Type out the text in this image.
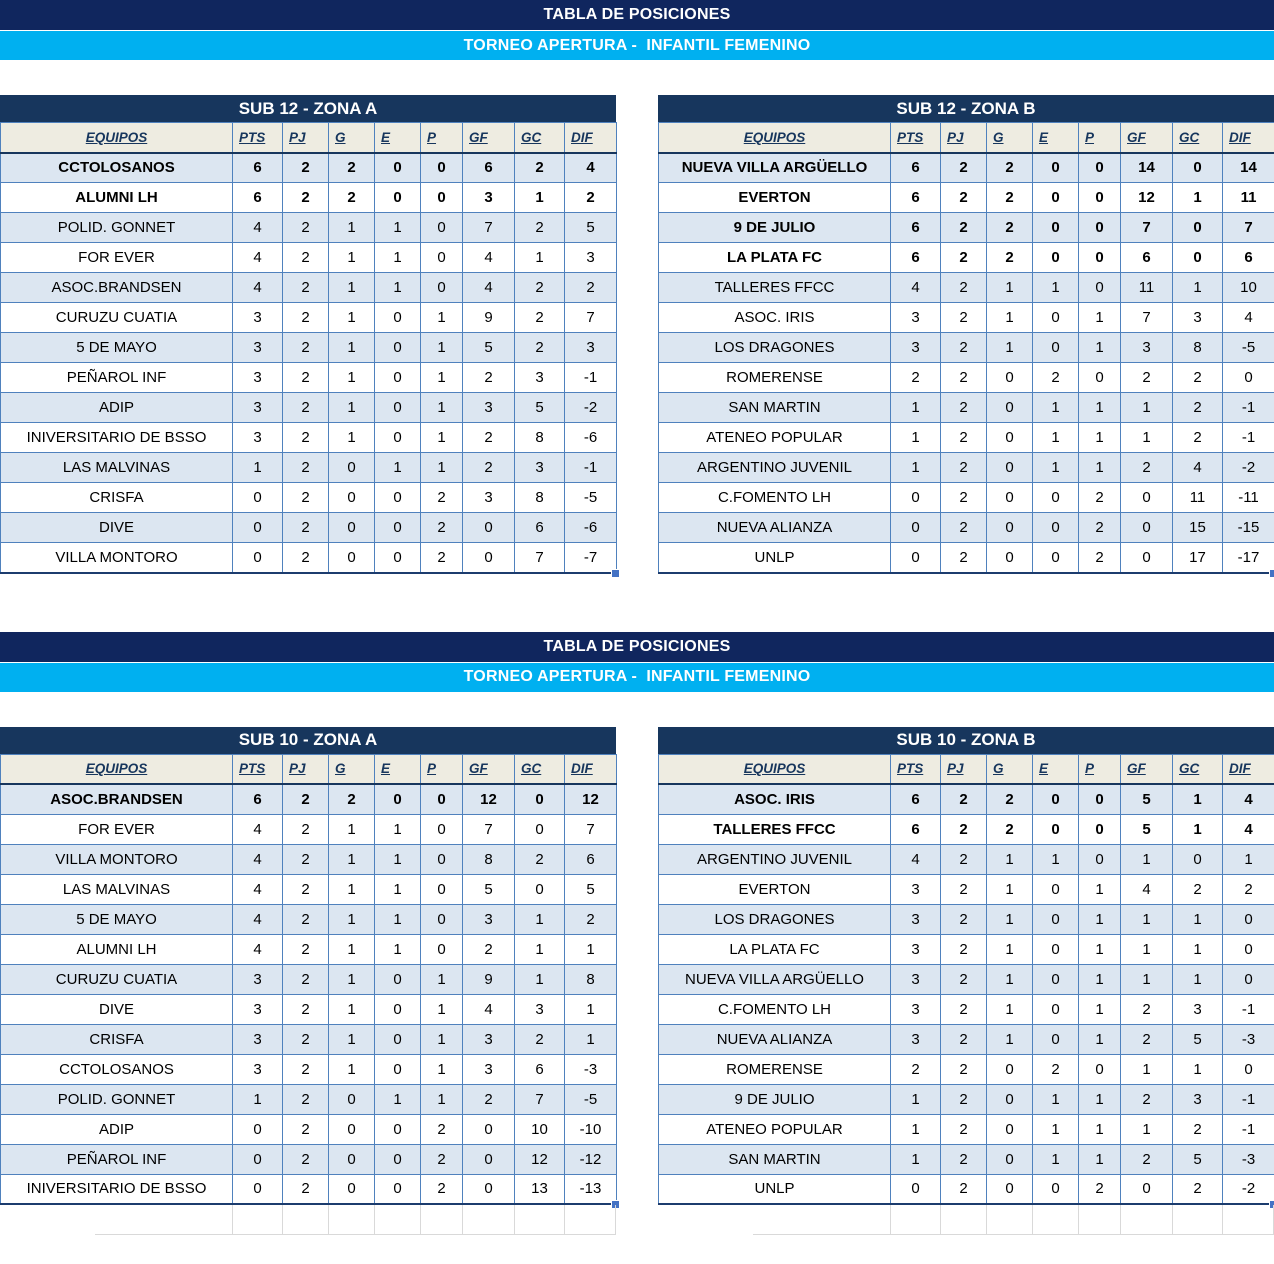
TABLA DE POSICIONES
TORNEO APERTURA -  INFANTIL FEMENINO
SUB 12 - ZONA A
EQUIPOS	PTS	PJ	G	E	P	GF	GC	DIF
CCTOLOSANOS	6	2	2	0	0	6	2	4
ALUMNI LH	6	2	2	0	0	3	1	2
POLID. GONNET	4	2	1	1	0	7	2	5
FOR EVER	4	2	1	1	0	4	1	3
ASOC.BRANDSEN	4	2	1	1	0	4	2	2
CURUZU CUATIA	3	2	1	0	1	9	2	7
5 DE MAYO	3	2	1	0	1	5	2	3
PEÑAROL INF	3	2	1	0	1	2	3	-1
ADIP	3	2	1	0	1	3	5	-2
INIVERSITARIO DE BSSO	3	2	1	0	1	2	8	-6
LAS MALVINAS	1	2	0	1	1	2	3	-1
CRISFA	0	2	0	0	2	3	8	-5
DIVE	0	2	0	0	2	0	6	-6
VILLA MONTORO	0	2	0	0	2	0	7	-7
SUB 12 - ZONA B
EQUIPOS	PTS	PJ	G	E	P	GF	GC	DIF
NUEVA VILLA ARGÜELLO	6	2	2	0	0	14	0	14
EVERTON	6	2	2	0	0	12	1	11
9 DE JULIO	6	2	2	0	0	7	0	7
LA PLATA FC	6	2	2	0	0	6	0	6
TALLERES FFCC	4	2	1	1	0	11	1	10
ASOC. IRIS	3	2	1	0	1	7	3	4
LOS DRAGONES	3	2	1	0	1	3	8	-5
ROMERENSE	2	2	0	2	0	2	2	0
SAN MARTIN	1	2	0	1	1	1	2	-1
ATENEO POPULAR	1	2	0	1	1	1	2	-1
ARGENTINO JUVENIL	1	2	0	1	1	2	4	-2
C.FOMENTO LH	0	2	0	0	2	0	11	-11
NUEVA ALIANZA	0	2	0	0	2	0	15	-15
UNLP	0	2	0	0	2	0	17	-17
TABLA DE POSICIONES
TORNEO APERTURA -  INFANTIL FEMENINO
SUB 10 - ZONA A
EQUIPOS	PTS	PJ	G	E	P	GF	GC	DIF
ASOC.BRANDSEN	6	2	2	0	0	12	0	12
FOR EVER	4	2	1	1	0	7	0	7
VILLA MONTORO	4	2	1	1	0	8	2	6
LAS MALVINAS	4	2	1	1	0	5	0	5
5 DE MAYO	4	2	1	1	0	3	1	2
ALUMNI LH	4	2	1	1	0	2	1	1
CURUZU CUATIA	3	2	1	0	1	9	1	8
DIVE	3	2	1	0	1	4	3	1
CRISFA	3	2	1	0	1	3	2	1
CCTOLOSANOS	3	2	1	0	1	3	6	-3
POLID. GONNET	1	2	0	1	1	2	7	-5
ADIP	0	2	0	0	2	0	10	-10
PEÑAROL INF	0	2	0	0	2	0	12	-12
INIVERSITARIO DE BSSO	0	2	0	0	2	0	13	-13
SUB 10 - ZONA B
EQUIPOS	PTS	PJ	G	E	P	GF	GC	DIF
ASOC. IRIS	6	2	2	0	0	5	1	4
TALLERES FFCC	6	2	2	0	0	5	1	4
ARGENTINO JUVENIL	4	2	1	1	0	1	0	1
EVERTON	3	2	1	0	1	4	2	2
LOS DRAGONES	3	2	1	0	1	1	1	0
LA PLATA FC	3	2	1	0	1	1	1	0
NUEVA VILLA ARGÜELLO	3	2	1	0	1	1	1	0
C.FOMENTO LH	3	2	1	0	1	2	3	-1
NUEVA ALIANZA	3	2	1	0	1	2	5	-3
ROMERENSE	2	2	0	2	0	1	1	0
9 DE JULIO	1	2	0	1	1	2	3	-1
ATENEO POPULAR	1	2	0	1	1	1	2	-1
SAN MARTIN	1	2	0	1	1	2	5	-3
UNLP	0	2	0	0	2	0	2	-2
